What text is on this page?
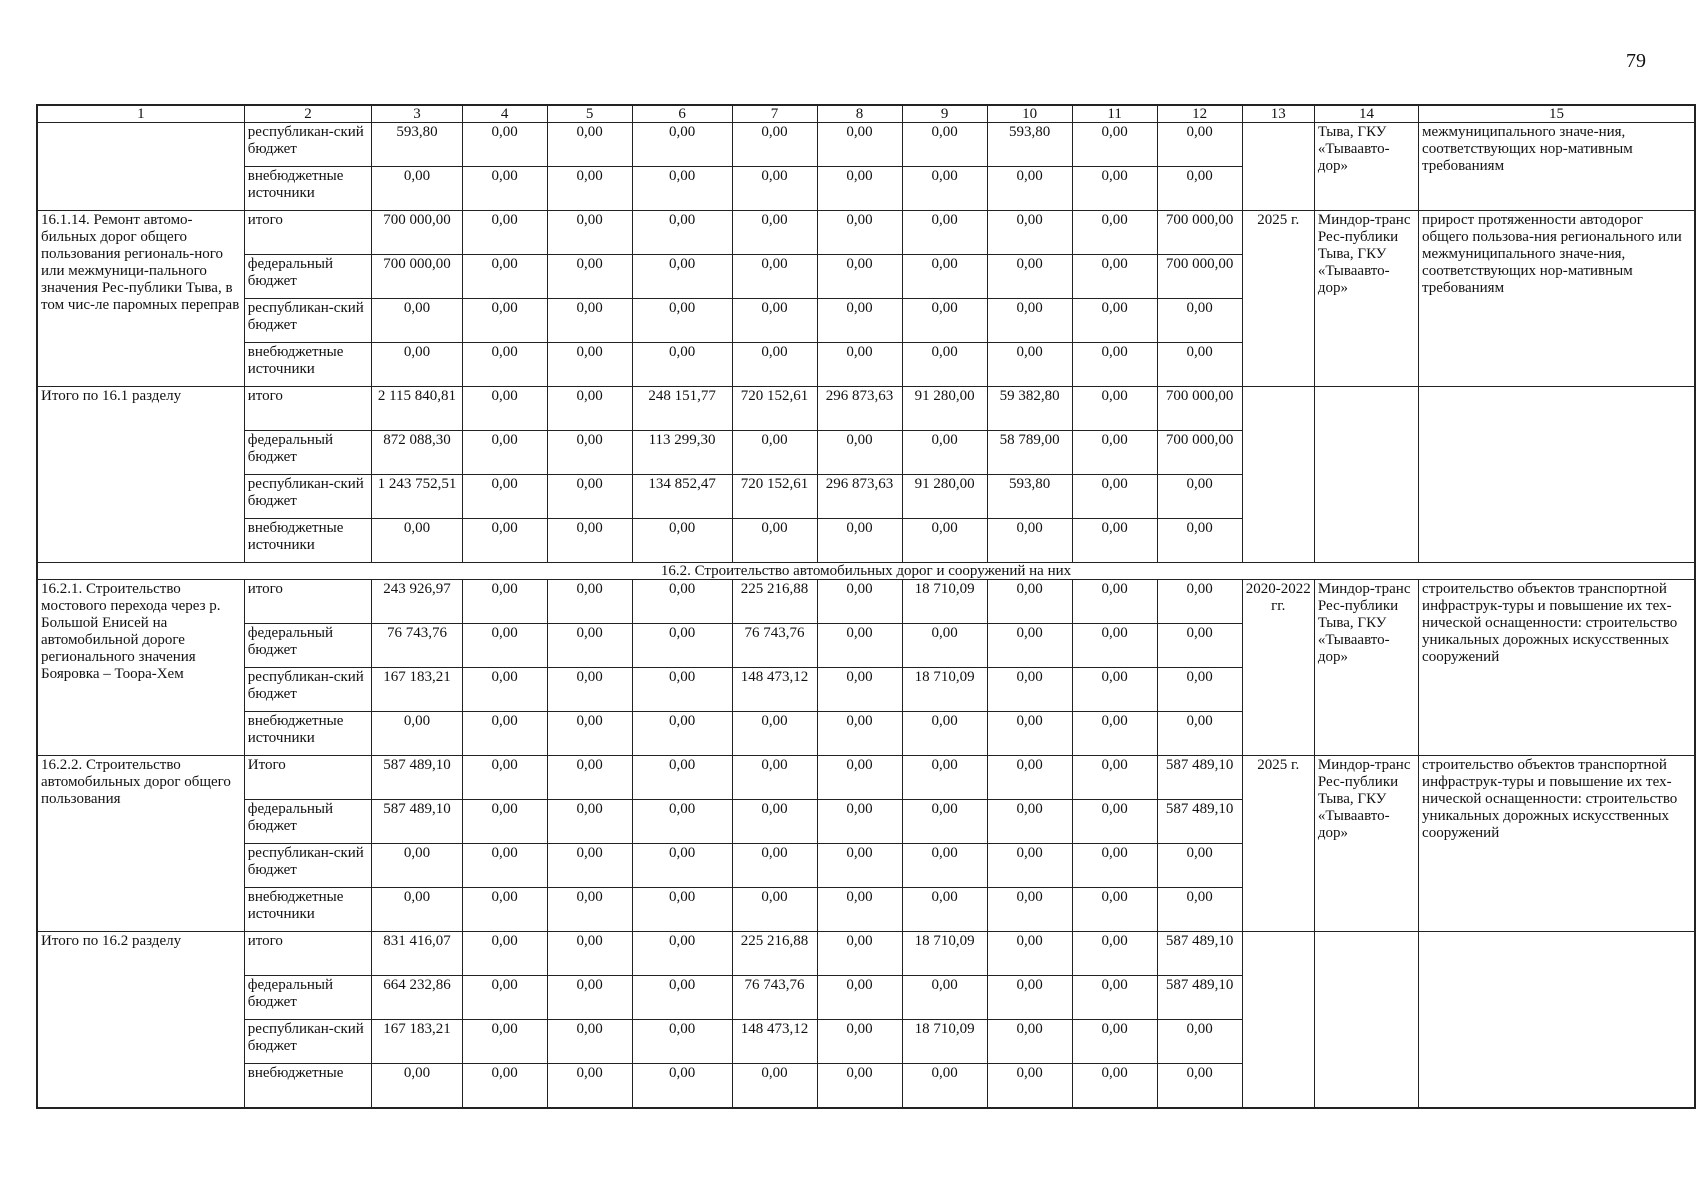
79
1	2	3	4	5	6	7	8	9	10	11	12	13	14	15
	республикан-ский бюджет	593,80	0,00	0,00	0,00	0,00	0,00	0,00	593,80	0,00	0,00		Тыва, ГКУ «Тываавто-дор»	межмуниципального значе-ния, соответствующих нор-мативным требованиям
	внебюджетные источники	0,00	0,00	0,00	0,00	0,00	0,00	0,00	0,00	0,00	0,00			
16.1.14. Ремонт автомо-бильных дорог общего пользования региональ-ного или межмуници-пального значения Рес-публики Тыва, в том чис-ле паромных переправ	итого	700 000,00	0,00	0,00	0,00	0,00	0,00	0,00	0,00	0,00	700 000,00	2025 г.	Миндор-транс Рес-публики Тыва, ГКУ «Тываавто-дор»	прирост протяженности автодорог общего пользова-ния регионального или межмуниципального значе-ния, соответствующих нор-мативным требованиям
	федеральный бюджет	700 000,00	0,00	0,00	0,00	0,00	0,00	0,00	0,00	0,00	700 000,00			
	республикан-ский бюджет	0,00	0,00	0,00	0,00	0,00	0,00	0,00	0,00	0,00	0,00			
	внебюджетные источники	0,00	0,00	0,00	0,00	0,00	0,00	0,00	0,00	0,00	0,00			
Итого по 16.1 разделу	итого	2 115 840,81	0,00	0,00	248 151,77	720 152,61	296 873,63	91 280,00	59 382,80	0,00	700 000,00			
	федеральный бюджет	872 088,30	0,00	0,00	113 299,30	0,00	0,00	0,00	58 789,00	0,00	700 000,00			
	республикан-ский бюджет	1 243 752,51	0,00	0,00	134 852,47	720 152,61	296 873,63	91 280,00	593,80	0,00	0,00			
	внебюджетные источники	0,00	0,00	0,00	0,00	0,00	0,00	0,00	0,00	0,00	0,00			
16.2. Строительство автомобильных дорог и сооружений на них														
16.2.1. Строительство мостового перехода через р. Большой Енисей на автомобильной дороге регионального значения Бояровка – Тоора-Хем	итого	243 926,97	0,00	0,00	0,00	225 216,88	0,00	18 710,09	0,00	0,00	0,00	2020-2022 гг.	Миндор-транс Рес-публики Тыва, ГКУ «Тываавто-дор»	строительство объектов транспортной инфраструк-туры и повышение их тех-нической оснащенности: строительство уникальных дорожных искусственных сооружений
	федеральный бюджет	76 743,76	0,00	0,00	0,00	76 743,76	0,00	0,00	0,00	0,00	0,00			
	республикан-ский бюджет	167 183,21	0,00	0,00	0,00	148 473,12	0,00	18 710,09	0,00	0,00	0,00			
	внебюджетные источники	0,00	0,00	0,00	0,00	0,00	0,00	0,00	0,00	0,00	0,00			
16.2.2. Строительство автомобильных дорог общего пользования	Итого	587 489,10	0,00	0,00	0,00	0,00	0,00	0,00	0,00	0,00	587 489,10	2025 г.	Миндор-транс Рес-публики Тыва, ГКУ «Тываавто-дор»	строительство объектов транспортной инфраструк-туры и повышение их тех-нической оснащенности: строительство уникальных дорожных искусственных сооружений
	федеральный бюджет	587 489,10	0,00	0,00	0,00	0,00	0,00	0,00	0,00	0,00	587 489,10			
	республикан-ский бюджет	0,00	0,00	0,00	0,00	0,00	0,00	0,00	0,00	0,00	0,00			
	внебюджетные источники	0,00	0,00	0,00	0,00	0,00	0,00	0,00	0,00	0,00	0,00			
Итого по 16.2 разделу	итого	831 416,07	0,00	0,00	0,00	225 216,88	0,00	18 710,09	0,00	0,00	587 489,10			
	федеральный бюджет	664 232,86	0,00	0,00	0,00	76 743,76	0,00	0,00	0,00	0,00	587 489,10			
	республикан-ский бюджет	167 183,21	0,00	0,00	0,00	148 473,12	0,00	18 710,09	0,00	0,00	0,00			
	внебюджетные	0,00	0,00	0,00	0,00	0,00	0,00	0,00	0,00	0,00	0,00			
